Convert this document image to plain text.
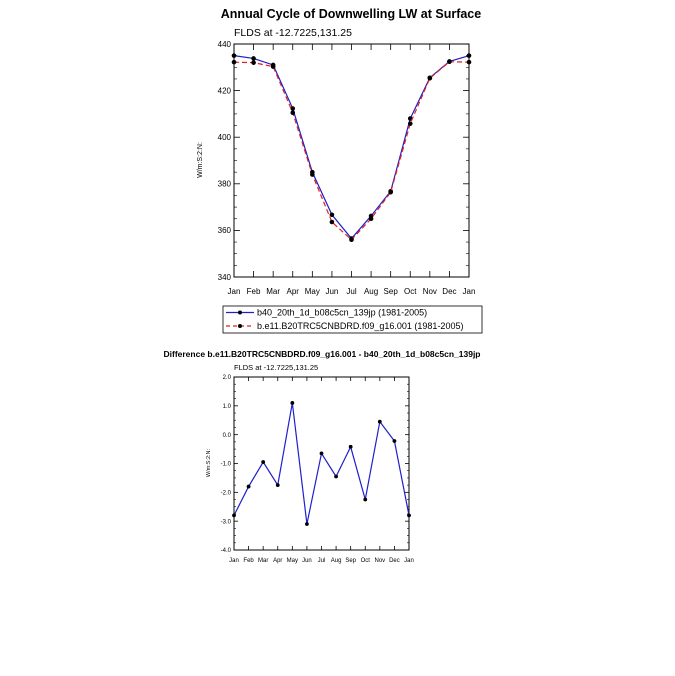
Annual Cycle of Downwelling LW at Surface
FLDS at -12.7225,131.25
W/m:S:2:N:
340
360
380
400
420
440
Jan Feb Mar Apr May Jun Jul Aug Sep Oct Nov Dec Jan
b40_20th_1d_b08c5cn_139jp (1981-2005)
b.e11.B20TRC5CNBDRD.f09_g16.001 (1981-2005)
Difference b.e11.B20TRC5CNBDRD.f09_g16.001 - b40_20th_1d_b08c5cn_139jp
FLDS at -12.7225,131.25
W/m:S:2:N:
-4.0
-3.0
-2.0
-1.0
0.0
1.0
2.0
Jan Feb Mar Apr May Jun Jul Aug Sep Oct Nov Dec Jan
